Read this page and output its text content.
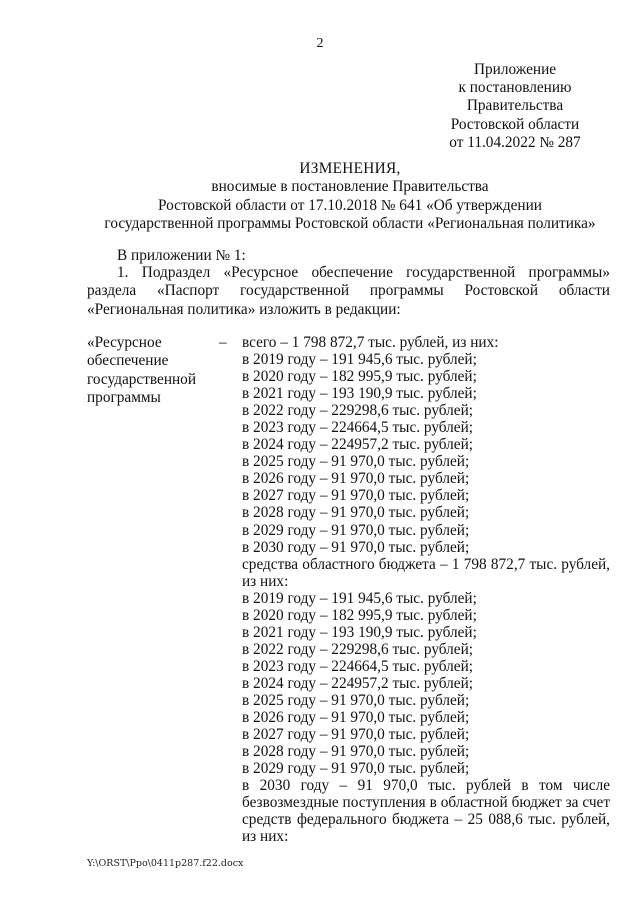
2
Приложение
к постановлению
Правительства
Ростовской области
от 11.04.2022 № 287
ИЗМЕНЕНИЯ,
вносимые в постановление Правительства
Ростовской области от 17.10.2018 № 641 «Об утверждении
государственной программы Ростовской области «Региональная политика»
В приложении № 1:
1. Подраздел «Ресурсное обеспечение государственной программы»
раздела «Паспорт государственной программы Ростовской области
«Региональная политика» изложить в редакции:
«Ресурсное
обеспечение
государственной
программы
– всего – 1 798 872,7 тыс. рублей, из них:
в 2019 году – 191 945,6 тыс. рублей;
в 2020 году – 182 995,9 тыс. рублей;
в 2021 году – 193 190,9 тыс. рублей;
в 2022 году – 229298,6 тыс. рублей;
в 2023 году – 224664,5 тыс. рублей;
в 2024 году – 224957,2 тыс. рублей;
в 2025 году – 91 970,0 тыс. рублей;
в 2026 году – 91 970,0 тыс. рублей;
в 2027 году – 91 970,0 тыс. рублей;
в 2028 году – 91 970,0 тыс. рублей;
в 2029 году – 91 970,0 тыс. рублей;
в 2030 году – 91 970,0 тыс. рублей;
средства областного бюджета – 1 798 872,7 тыс. рублей, из них:
в 2019 году – 191 945,6 тыс. рублей;
в 2020 году – 182 995,9 тыс. рублей;
в 2021 году – 193 190,9 тыс. рублей;
в 2022 году – 229298,6 тыс. рублей;
в 2023 году – 224664,5 тыс. рублей;
в 2024 году – 224957,2 тыс. рублей;
в 2025 году – 91 970,0 тыс. рублей;
в 2026 году – 91 970,0 тыс. рублей;
в 2027 году – 91 970,0 тыс. рублей;
в 2028 году – 91 970,0 тыс. рублей;
в 2029 году – 91 970,0 тыс. рублей;
в 2030 году – 91 970,0 тыс. рублей в том числе безвозмездные поступления в областной бюджет за счет средств федерального бюджета – 25 088,6 тыс. рублей, из них:
Y:\ORST\Ppo\0411p287.f22.docx
